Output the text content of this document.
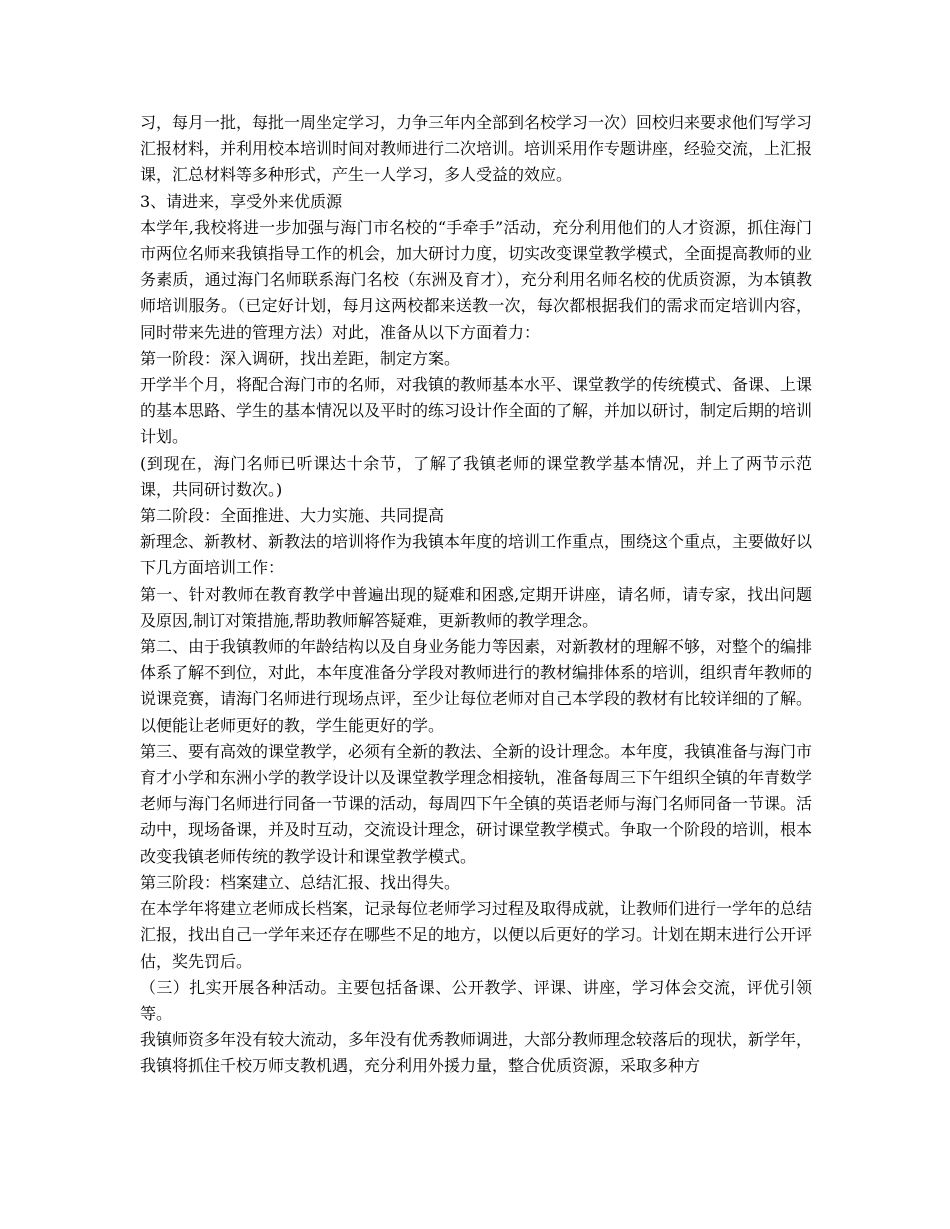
习，每月一批，每批一周坐定学习，力争三年内全部到名校学习一次）回校归来要求他们写学习汇报材料，并利用校本培训时间对教师进行二次培训。培训采用作专题讲座，经验交流，上汇报课，汇总材料等多种形式，产生一人学习，多人受益的效应。

3、请进来，享受外来优质源

本学年,我校将进一步加强与海门市名校的“手牵手”活动，充分利用他们的人才资源，抓住海门市两位名师来我镇指导工作的机会，加大研讨力度，切实改变课堂教学模式，全面提高教师的业务素质，通过海门名师联系海门名校（东洲及育才），充分利用名师名校的优质资源，为本镇教师培训服务。（已定好计划，每月这两校都来送教一次，每次都根据我们的需求而定培训内容，同时带来先进的管理方法）对此，准备从以下方面着力：

第一阶段：深入调研，找出差距，制定方案。

开学半个月，将配合海门市的名师，对我镇的教师基本水平、课堂教学的传统模式、备课、上课的基本思路、学生的基本情况以及平时的练习设计作全面的了解，并加以研讨，制定后期的培训计划。

(到现在，海门名师已听课达十余节，了解了我镇老师的课堂教学基本情况，并上了两节示范课，共同研讨数次。)

第二阶段：全面推进、大力实施、共同提高

新理念、新教材、新教法的培训将作为我镇本年度的培训工作重点，围绕这个重点，主要做好以下几方面培训工作：

第一、针对教师在教育教学中普遍出现的疑难和困惑,定期开讲座，请名师，请专家，找出问题及原因,制订对策措施,帮助教师解答疑难，更新教师的教学理念。

第二、由于我镇教师的年龄结构以及自身业务能力等因素，对新教材的理解不够，对整个的编排体系了解不到位，对此，本年度准备分学段对教师进行的教材编排体系的培训，组织青年教师的说课竞赛，请海门名师进行现场点评，至少让每位老师对自己本学段的教材有比较详细的了解。以便能让老师更好的教，学生能更好的学。

第三、要有高效的课堂教学，必须有全新的教法、全新的设计理念。本年度，我镇准备与海门市育才小学和东洲小学的教学设计以及课堂教学理念相接轨，准备每周三下午组织全镇的年青数学老师与海门名师进行同备一节课的活动，每周四下午全镇的英语老师与海门名师同备一节课。活动中，现场备课，并及时互动，交流设计理念，研讨课堂教学模式。争取一个阶段的培训，根本改变我镇老师传统的教学设计和课堂教学模式。

第三阶段：档案建立、总结汇报、找出得失。

在本学年将建立老师成长档案，记录每位老师学习过程及取得成就，让教师们进行一学年的总结汇报，找出自己一学年来还存在哪些不足的地方，以便以后更好的学习。计划在期末进行公开评估，奖先罚后。

（三）扎实开展各种活动。主要包括备课、公开教学、评课、讲座，学习体会交流，评优引领等。

我镇师资多年没有较大流动，多年没有优秀教师调进，大部分教师理念较落后的现状，新学年，我镇将抓住千校万师支教机遇，充分利用外援力量，整合优质资源，采取多种方
